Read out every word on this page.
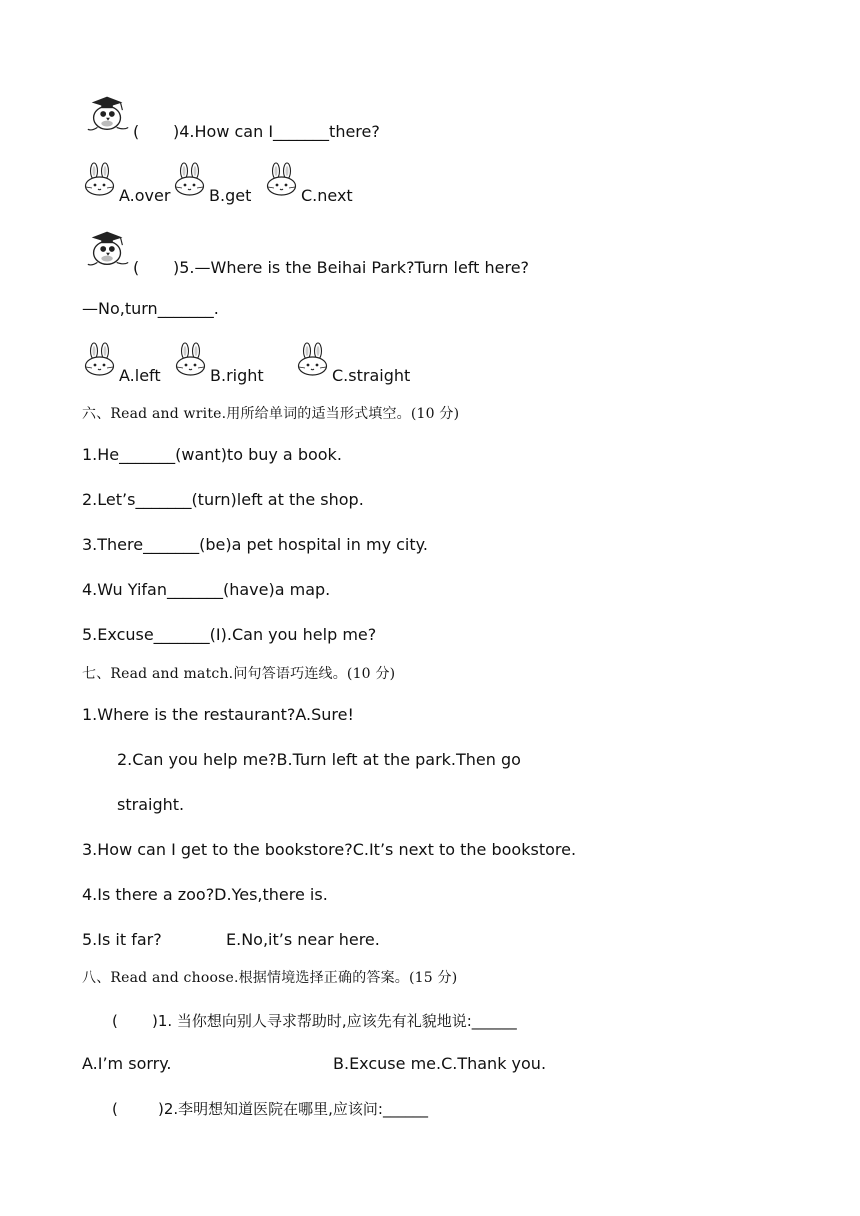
( )4.How can I_______there?
A.over B.get	C.next
( )5.—Where is the Beihai Park?Turn left here?
—No,turn_______.
A.left	B.right	C.straight
六、Read and write.用所给单词的适当形式填空。(10 分)
1.He_______(want)to buy a book.
2.Let’s_______(turn)left at the shop.
3.There_______(be)a pet hospital in my city.
4.Wu Yifan_______(have)a map.
5.Excuse_______(I).Can you help me?
七、Read and match.问句答语巧连线。(10 分)
1.Where is the restaurant?A.Sure!
2.Can you help me?B.Turn left at the park.Then go
straight.
3.How can I get to the bookstore?C.It’s next to the bookstore.
4.Is there a zoo?D.Yes,there is.
5.Is it far?	E.No,it’s near here.
八、Read and choose.根据情境选择正确的答案。(15 分)
( )1. 当你想向别人寻求帮助时,应该先有礼貌地说:______
A.I’m sorry.	B.Excuse me.C.Thank you.
(	)2.李明想知道医院在哪里,应该问:______
